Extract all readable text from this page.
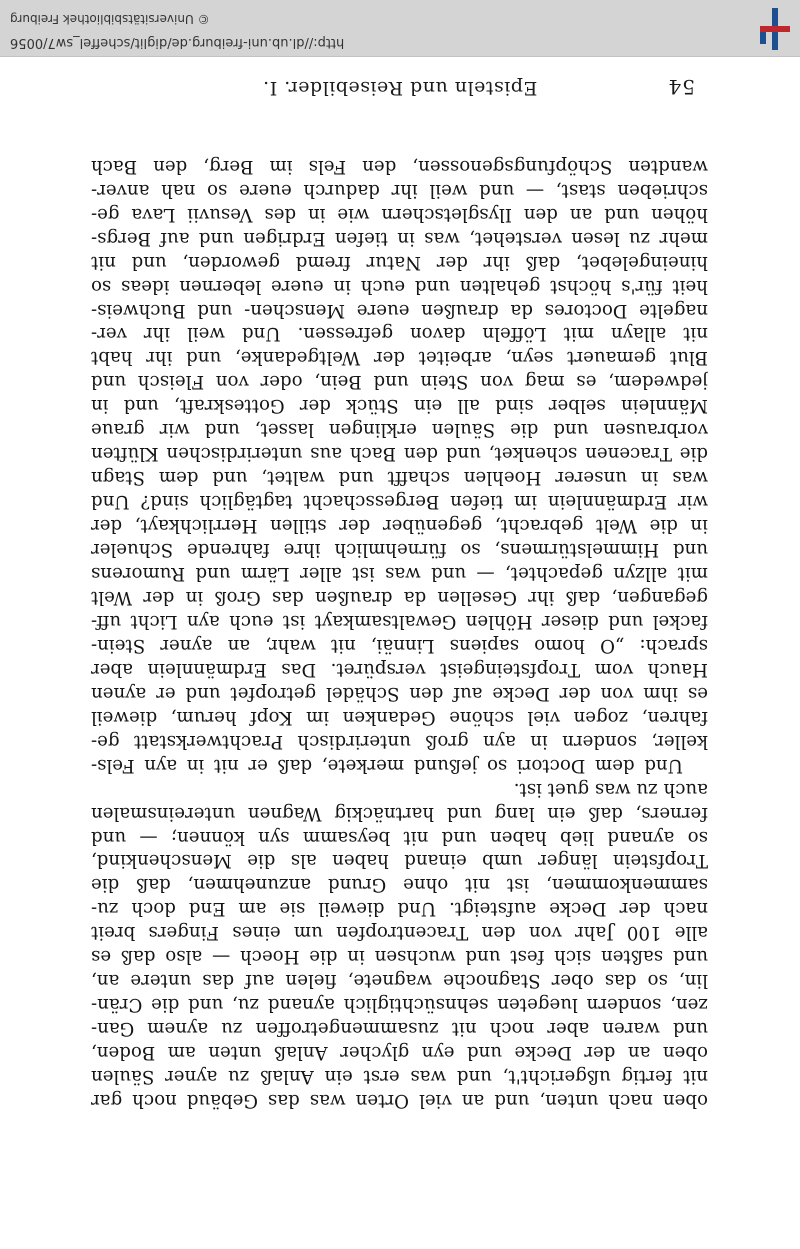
54
Episteln und Reisebilder. I.
oben nach unten, und an viel Orten was das Gebäud noch gar
nit fertig ußgericht't, und was erst ein Anlaß zu ayner Säulen
oben an der Decke und eyn glycher Anlaß unten am Boden,
und waren aber noch nit zusammengetroffen zu aynem Gan-
zen, sondern luegeten sehnsüchtiglich aynand zu, und die Crän-
lin, so das ober Stagnoche wagnete, fielen auf das untere an,
und saßten sich fest und wuchsen in die Hoech — also daß es
alle 100 Jahr von den Tracentropfen um eines Fingers breit
nach der Decke aufsteigt. Und dieweil sie am End doch zu-
sammenkommen, ist nit ohne Grund anzunehmen, daß die
Tropfstein länger umb einand haben als die Menschenkind,
so aynand lieb haben und nit beysamm syn können; — und
ferners, daß ein lang und hartnäckig Wagnen untereinsmalen
auch zu was guet ist.
Und dem Doctori so jeßund merkete, daß er nit in ayn Fels-
keller, sondern in ayn groß unterirdisch Prachtwerkstatt ge-
fahren, zogen viel schöne Gedanken im Kopf herum, dieweil
es ihm von der Decke auf den Schädel getropfet und er aynen
Hauch vom Tropfsteingeist verspüret. Das Erdmännlein aber
sprach: „O homo sapiens Linnäi, nit wahr, an ayner Stein-
fackel und dieser Höhlen Gewaltsamkayt ist euch ayn Licht uff-
gegangen, daß ihr Gesellen da draußen das Groß in der Welt
mit allzyn gepachtet, — und was ist aller Lärm und Rumorens
und Himmelstürmens, so fürnehmlich ihre fahrende Schueler
in die Welt gebracht, gegenüber der stillen Herrlichkayt, der
wir Erdmännlein im tiefen Bergesschacht tagtäglich sind? Und
was in unserer Hoehlen schafft und waltet, und dem Stagn
die Tracenen schenket, und den Bach aus unterirdischen Klüften
vorbrausen und die Säulen erklingen lasset, und wir graue
Männlein selber sind all ein Stück der Gotteskraft, und in
jedwedem, es mag von Stein und Bein, oder von Fleisch und
Blut gemauert seyn, arbeitet der Weltgedanke, und ihr habt
nit allayn mit Löffeln davon gefressen. Und weil ihr ver-
nagelte Doctores da draußen euere Menschen- und Buchweis-
heit für's höchst gehalten und euch in euere lebernen ideas so
hineingelebet, daß ihr der Natur fremd geworden, und nit
mehr zu lesen verstehet, was in tiefen Erdrigen und auf Bergs-
höhen und an den Ilysgletschern wie in des Vesuvii Lava ge-
schrieben stast, — und weil ihr dadurch euere so nah anver-
wandten Schöpfungsgenossen, den Fels im Berg, den Bach
http://dl.ub.uni-freiburg.de/diglit/scheffel_sw7/0056
© Universitätsbibliothek Freiburg
